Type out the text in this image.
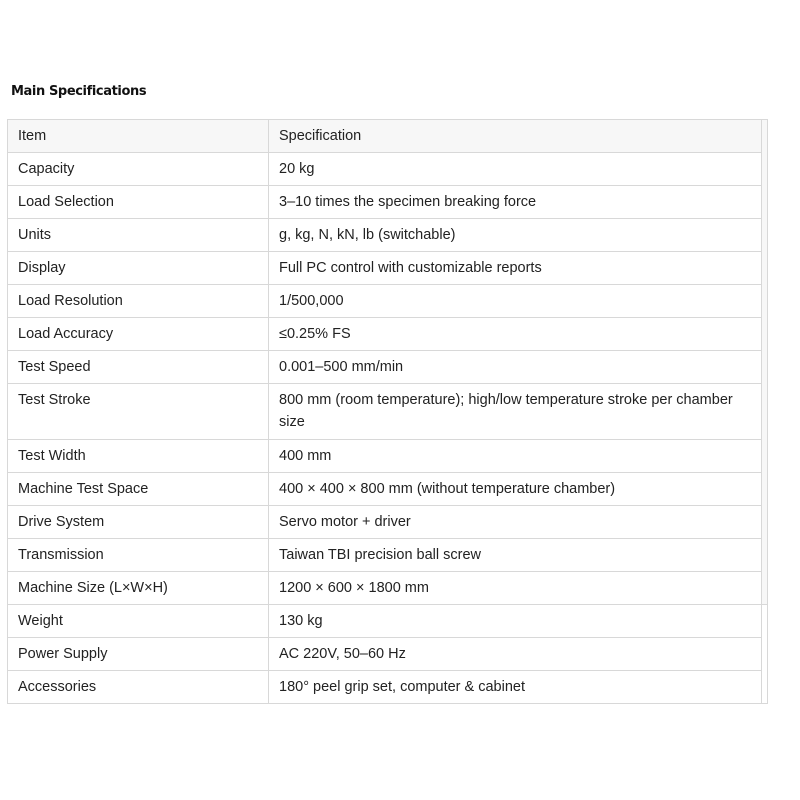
Main Specifications
Item	Specification	
Capacity	20 kg	
Load Selection	3–10 times the specimen breaking force	
Units	g, kg, N, kN, lb (switchable)	
Display	Full PC control with customizable reports	
Load Resolution	1/500,000	
Load Accuracy	≤0.25% FS	
Test Speed	0.001–500 mm/min	
Test Stroke	800 mm (room temperature); high/low temperature stroke per chamber size	
Test Width	400 mm	
Machine Test Space	400 × 400 × 800 mm (without temperature chamber)	
Drive System	Servo motor + driver	
Transmission	Taiwan TBI precision ball screw	
Machine Size (L×W×H)	1200 × 600 × 1800 mm	
Weight	130 kg	
Power Supply	AC 220V, 50–60 Hz	
Accessories	180° peel grip set, computer & cabinet	
